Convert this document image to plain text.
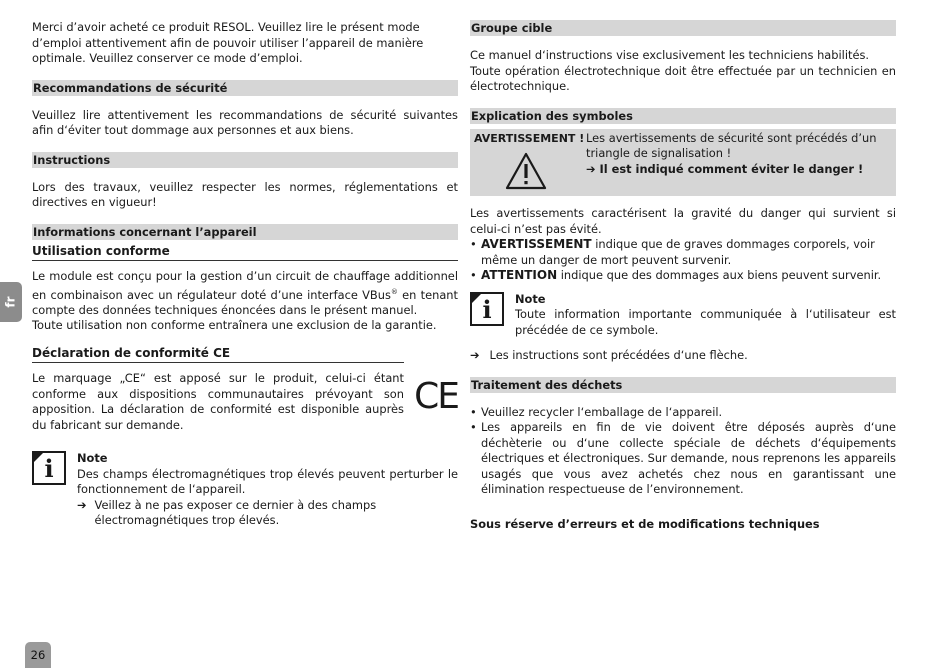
fr

Merci d’avoir acheté ce produit RESOL. Veuillez lire le présent mode d’emploi attentivement afin de pouvoir utiliser l’appareil de manière optimale. Veuillez conserver ce mode d’emploi.

Recommandations de sécurité

Veuillez lire attentivement les recommandations de sécurité suivantes afin d‘éviter tout dommage aux personnes et aux biens.

Instructions

Lors des travaux, veuillez respecter les normes, réglementations et directives en vigueur!

Informations concernant l’appareil
Utilisation conforme

Le module est conçu pour la gestion d’un circuit de chauffage additionnel en combinaison avec un régulateur doté d’une interface VBus® en tenant compte des données techniques énoncées dans le présent manuel.

Toute utilisation non conforme entraînera une exclusion de la garantie.

Déclaration de conformité CE

Le marquage „CE“ est apposé sur le produit, celui-ci étant conforme aux dispositions communautaires prévoyant son apposition. La déclaration de conformité est disponible auprès du fabricant sur demande.

CE
i	Note

Des champs électromagnétiques trop élevés peuvent perturber le fonctionnement de l‘appareil.

➔ Veillez à ne pas exposer ce dernier à des champs électromagnétiques trop élevés.
Groupe cible

Ce manuel d‘instructions vise exclusivement les techniciens habilités.

Toute opération électrotechnique doit être effectuée par un technicien en électrotechnique.

Explication des symboles
AVERTISSEMENT ! Les avertissements de sécurité sont précédés d’un triangle de signalisation !

➔ Il est indiqué comment éviter le danger !

Les avertissements caractérisent la gravité du danger qui survient si celui-ci n’est pas évité.

• AVERTISSEMENT indique que de graves dommages corporels, voir même un danger de mort peuvent survenir.
• ATTENTION indique que des dommages aux biens peuvent survenir.
i	Note

Toute information importante communiquée à l‘utilisateur est précédée de ce symbole.

➔ Les instructions sont précédées d‘une flèche.
Traitement des déchets
• Veuillez recycler l‘emballage de l‘appareil.
• Les appareils en fin de vie doivent être déposés auprès d‘une déchèterie ou d‘une collecte spéciale de déchets d‘équipements électriques et électroniques. Sur demande, nous reprenons les appareils usagés que vous avez achetés chez nous en garantissant une élimination respectueuse de l’environnement.

Sous réserve d’erreurs et de modifications techniques

26
